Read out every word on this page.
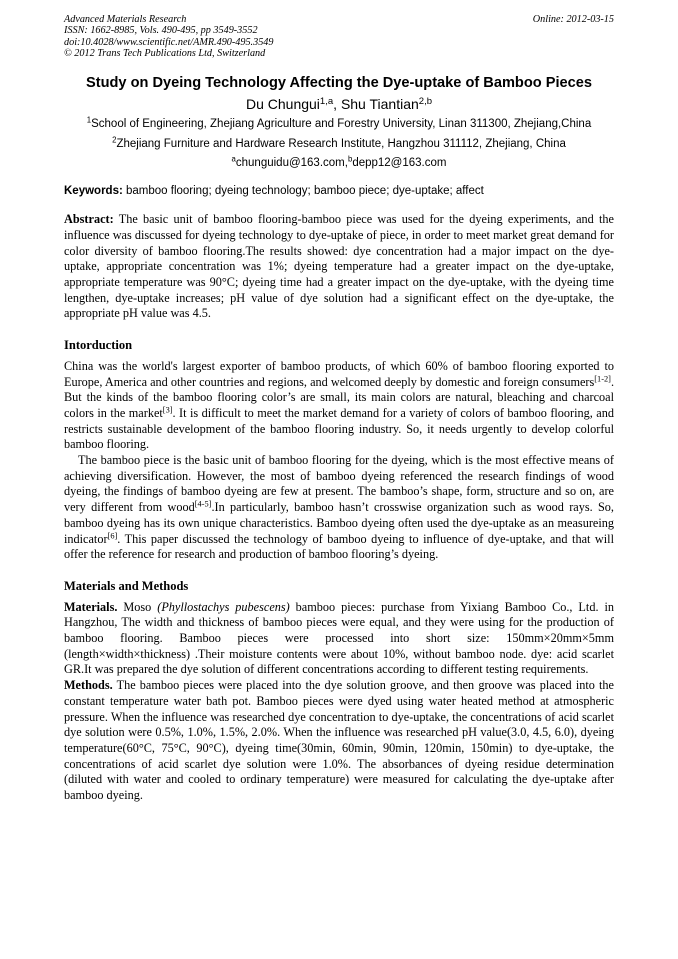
Advanced Materials Research
ISSN: 1662-8985, Vols. 490-495, pp 3549-3552
doi:10.4028/www.scientific.net/AMR.490-495.3549
© 2012 Trans Tech Publications Ltd, Switzerland
Online: 2012-03-15
Study on Dyeing Technology Affecting the Dye-uptake of Bamboo Pieces
Du Chungui$^{1,a}$, Shu Tiantian$^{2,b}$
$^1$School of Engineering, Zhejiang Agriculture and Forestry University, Linan 311300, Zhejiang,China
$^2$Zhejiang Furniture and Hardware Research Institute, Hangzhou 311112, Zhejiang, China
$^a$chunguidu@163.com,$^b$depp12@163.com
Keywords: bamboo flooring; dyeing technology; bamboo piece; dye-uptake; affect

Abstract: The basic unit of bamboo flooring-bamboo piece was used for the dyeing experiments, and the influence was discussed for dyeing technology to dye-uptake of piece, in order to meet market great demand for color diversity of bamboo flooring.The results showed: dye concentration had a major impact on the dye-uptake, appropriate concentration was 1%; dyeing temperature had a greater impact on the dye-uptake, appropriate temperature was 90°C; dyeing time had a greater impact on the dye-uptake, with the dyeing time lengthen, dye-uptake increases; pH value of dye solution had a significant effect on the dye-uptake, the appropriate pH value was 4.5.

Intorduction

China was the world's largest exporter of bamboo products, of which 60% of bamboo flooring exported to Europe, America and other countries and regions, and welcomed deeply by domestic and foreign consumers[1-2]. But the kinds of the bamboo flooring color’s are small, its main colors are natural, bleaching and charcoal colors in the market[3]. It is difficult to meet the market demand for a variety of colors of bamboo flooring, and restricts sustainable development of the bamboo flooring industry. So, it needs urgently to develop colorful bamboo flooring.

The bamboo piece is the basic unit of bamboo flooring for the dyeing, which is the most effective means of achieving diversification. However, the most of bamboo dyeing referenced the research findings of wood dyeing, the findings of bamboo dyeing are few at present. The bamboo’s shape, form, structure and so on, are very different from wood[4-5].In particularly, bamboo hasn’t crosswise organization such as wood rays. So, bamboo dyeing has its own unique characteristics. Bamboo dyeing often used the dye-uptake as an measureing indicator[6]. This paper discussed the technology of bamboo dyeing to influence of dye-uptake, and that will offer the reference for research and production of bamboo flooring’s dyeing.

Materials and Methods

Materials. Moso (Phyllostachys pubescens) bamboo pieces: purchase from Yixiang Bamboo Co., Ltd. in Hangzhou, The width and thickness of bamboo pieces were equal, and they were using for the production of bamboo flooring. Bamboo pieces were processed into short size: 150mm×20mm×5mm (length×width×thickness) .Their moisture contents were about 10%, without bamboo node. dye: acid scarlet GR.It was prepared the dye solution of different concentrations according to different testing requirements.

Methods. The bamboo pieces were placed into the dye solution groove, and then groove was placed into the constant temperature water bath pot. Bamboo pieces were dyed using water heated method at atmospheric pressure. When the influence was researched dye concentration to dye-uptake, the concentrations of acid scarlet dye solution were 0.5%, 1.0%, 1.5%, 2.0%. When the influence was researched pH value(3.0, 4.5, 6.0), dyeing temperature(60°C, 75°C, 90°C), dyeing time(30min, 60min, 90min, 120min, 150min) to dye-uptake, the concentrations of acid scarlet dye solution were 1.0%. The absorbances of dyeing residue determination (diluted with water and cooled to ordinary temperature) were measured for calculating the dye-uptake after bamboo dyeing.
